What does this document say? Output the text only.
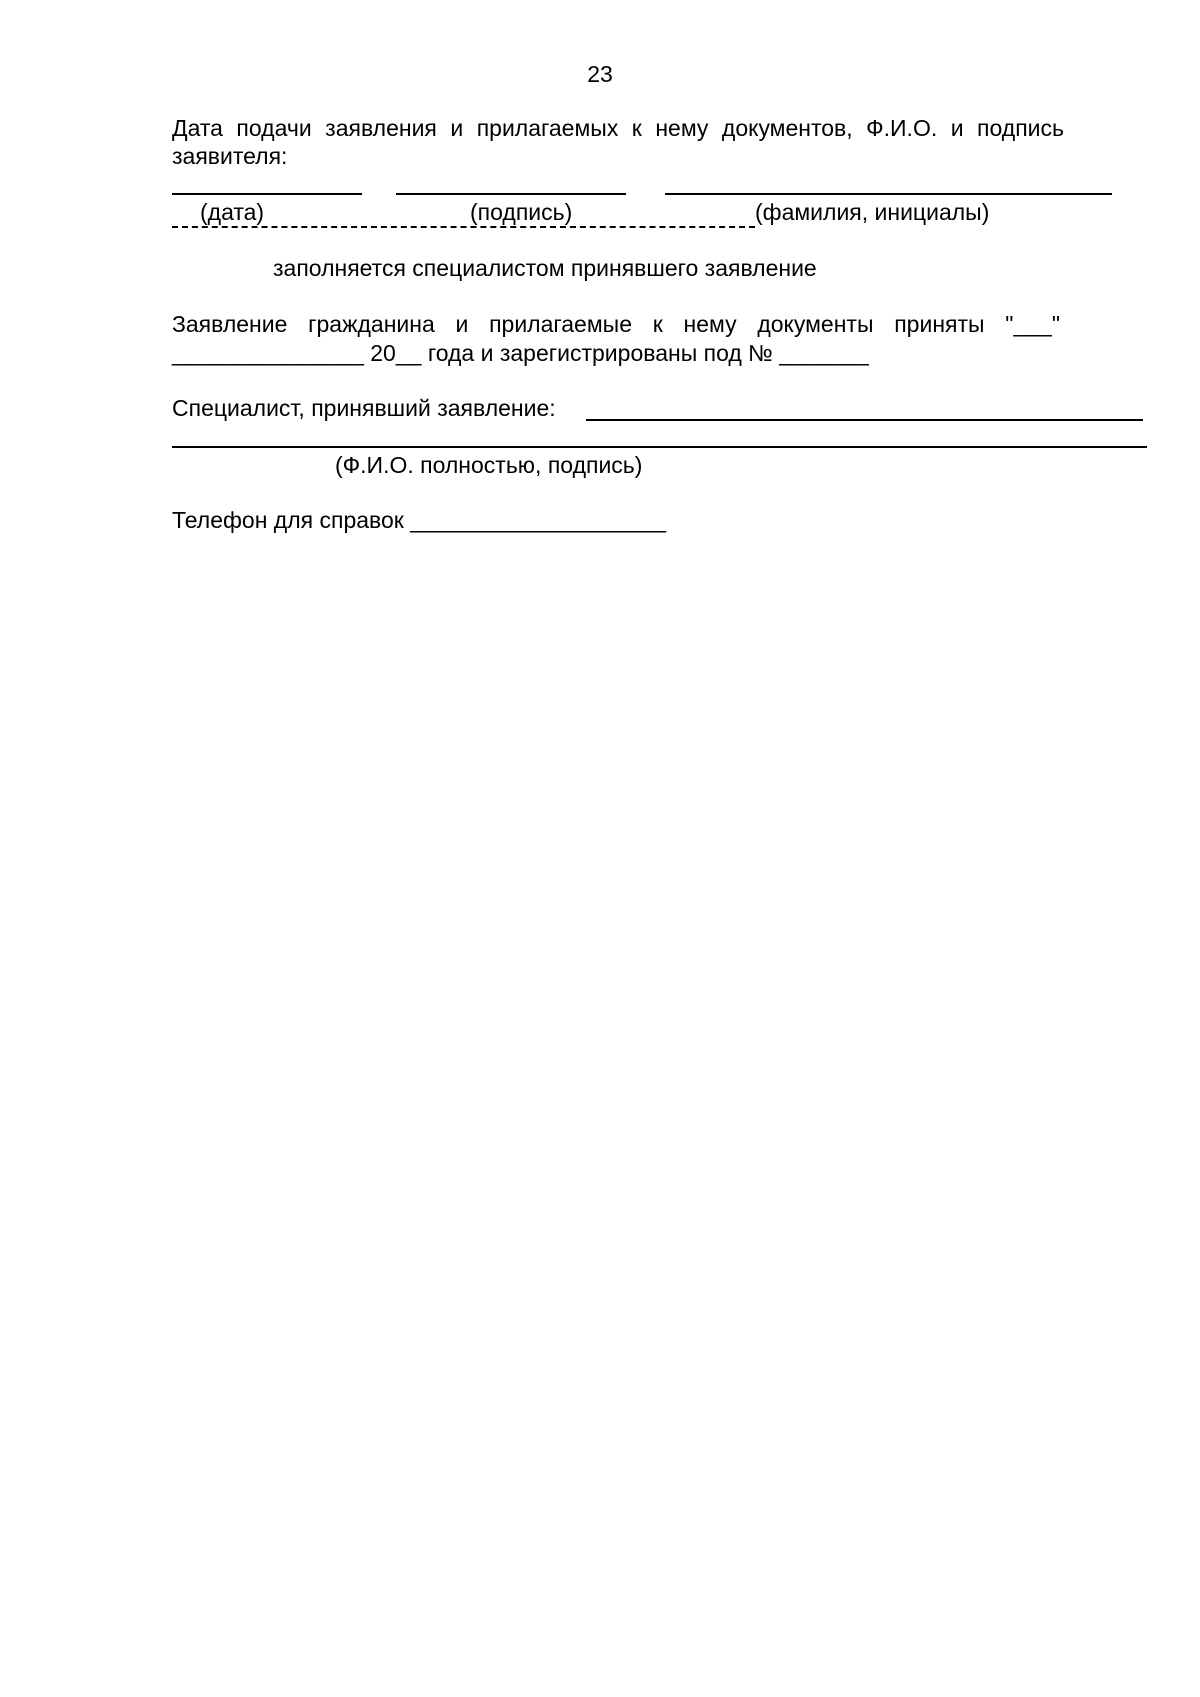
23
Дата подачи заявления и прилагаемых к нему документов, Ф.И.О. и подпись
заявителя:
(дата)	(подпись)	(фамилия, инициалы)
заполняется специалистом принявшего заявление
Заявление гражданина и прилагаемые к нему документы приняты "___"
_______________ 20__ года и зарегистрированы под № _______
Специалист, принявший заявление:
(Ф.И.О. полностью, подпись)
Телефон для справок ____________________
